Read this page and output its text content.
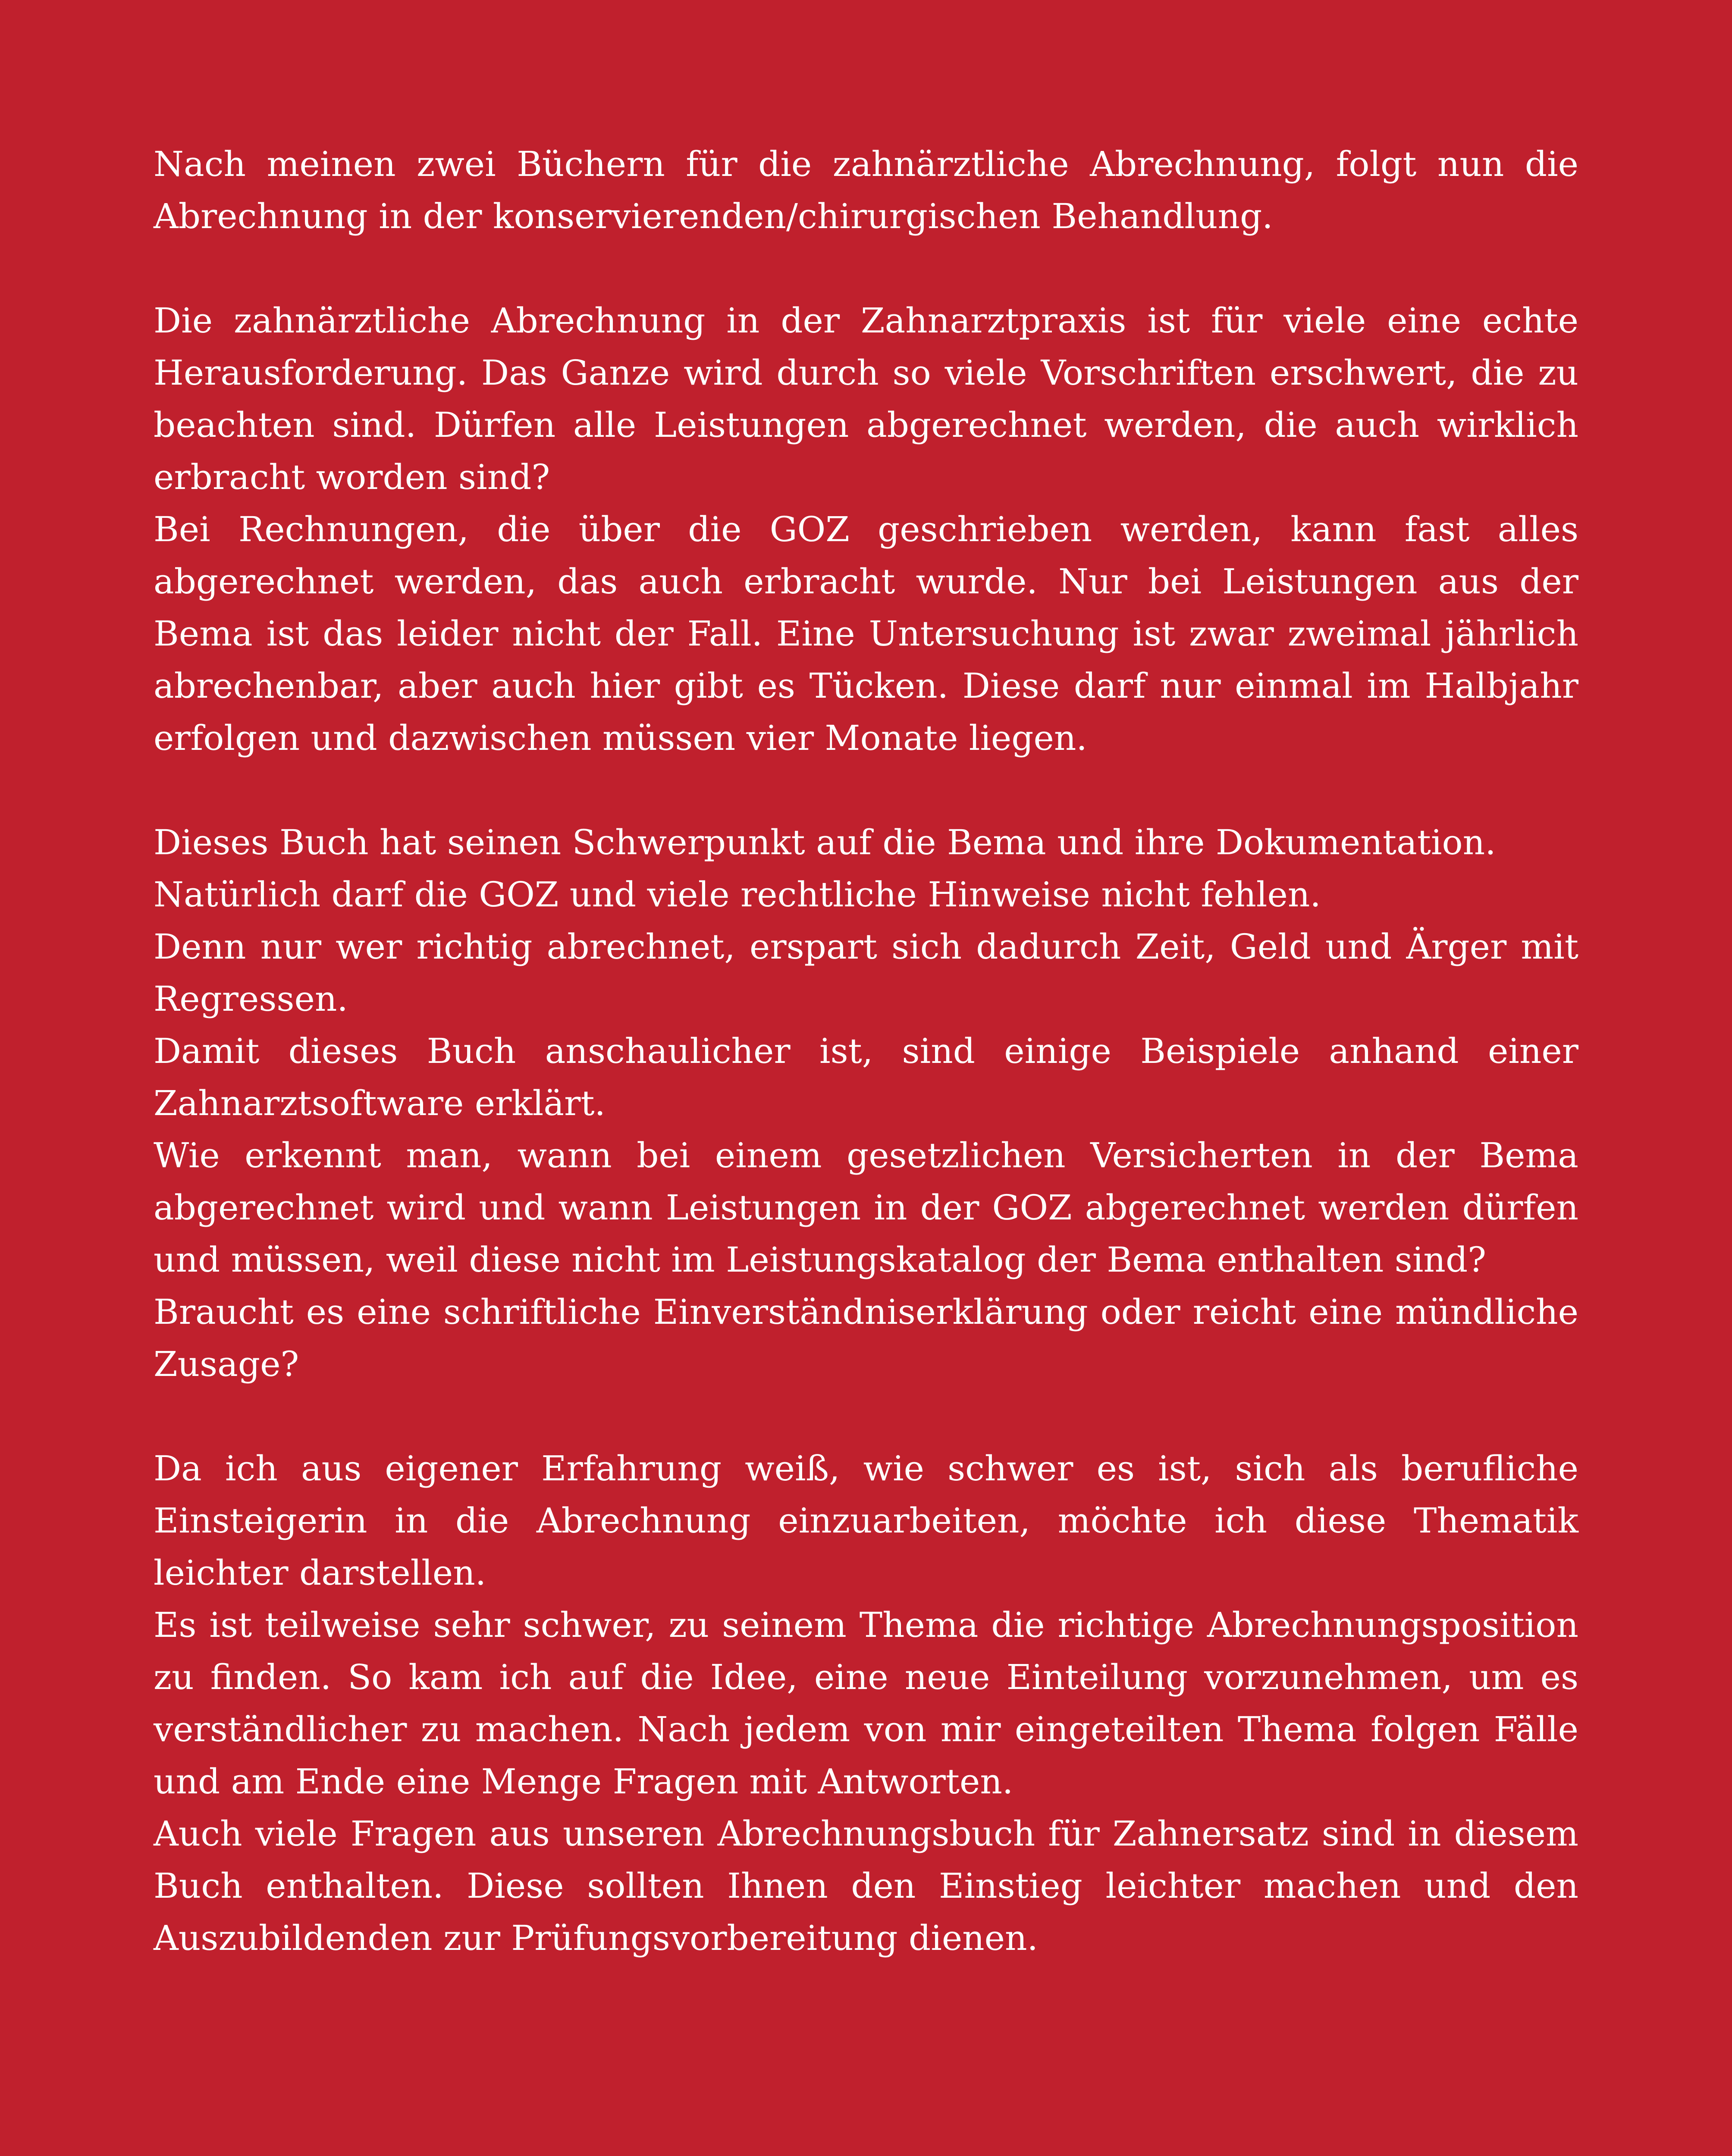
Nach meinen zwei Büchern für die zahnärztliche Abrechnung, folgt nun die Abrechnung in der konservierenden/chirurgischen Behandlung.

Die zahnärztliche Abrechnung in der Zahnarztpraxis ist für viele eine echte Herausforderung. Das Ganze wird durch so viele Vorschriften erschwert, die zu beachten sind. Dürfen alle Leistungen abgerechnet werden, die auch wirklich erbracht worden sind?

Bei Rechnungen, die über die GOZ geschrieben werden, kann fast alles abgerechnet werden, das auch erbracht wurde. Nur bei Leistungen aus der Bema ist das leider nicht der Fall. Eine Untersuchung ist zwar zweimal jährlich abrechenbar, aber auch hier gibt es Tücken. Diese darf nur einmal im Halbjahr erfolgen und dazwischen müssen vier Monate liegen.

Dieses Buch hat seinen Schwerpunkt auf die Bema und ihre Dokumentation.

Natürlich darf die GOZ und viele rechtliche Hinweise nicht fehlen.

Denn nur wer richtig abrechnet, erspart sich dadurch Zeit, Geld und Ärger mit Regressen.

Damit dieses Buch anschaulicher ist, sind einige Beispiele anhand einer Zahnarztsoftware erklärt.

Wie erkennt man, wann bei einem gesetzlichen Versicherten in der Bema abgerechnet wird und wann Leistungen in der GOZ abgerechnet werden dürfen und müssen, weil diese nicht im Leistungskatalog der Bema enthalten sind?

Braucht es eine schriftliche Einverständniserklärung oder reicht eine mündliche Zusage?

Da ich aus eigener Erfahrung weiß, wie schwer es ist, sich als berufliche Einsteigerin in die Abrechnung einzuarbeiten, möchte ich diese Thematik leichter darstellen.

Es ist teilweise sehr schwer, zu seinem Thema die richtige Abrechnungsposition zu finden. So kam ich auf die Idee, eine neue Einteilung vorzunehmen, um es verständlicher zu machen. Nach jedem von mir eingeteilten Thema folgen Fälle und am Ende eine Menge Fragen mit Antworten.

Auch viele Fragen aus unseren Abrechnungsbuch für Zahnersatz sind in diesem Buch enthalten. Diese sollten Ihnen den Einstieg leichter machen und den Auszubildenden zur Prüfungsvorbereitung dienen.
